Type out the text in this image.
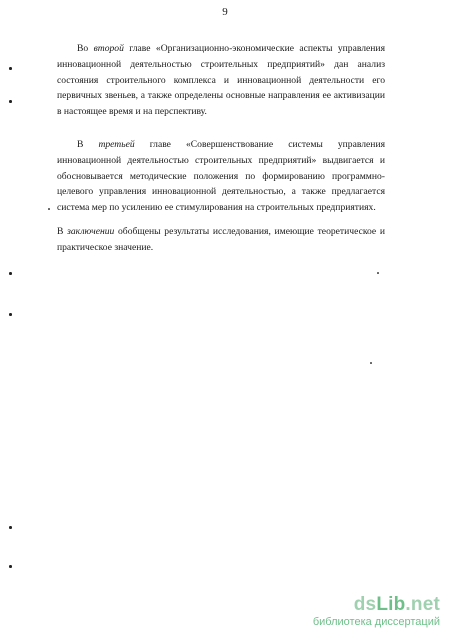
9

Во второй главе «Организационно-экономические аспекты управления инновационной деятельностью строительных предприятий» дан анализ состояния строительного комплекса и инновационной деятельности его первичных звеньев, а также определены основные направления ее активизации в настоящее время и на перспективу.

В третьей главе «Совершенствование системы управления инновационной деятельностью строительных предприятий» выдвигается и обосновывается методические положения по формированию программно-целевого управления инновационной деятельностью, а также предлагается система мер по усилению ее стимулирования на строительных предприятиях.

В заключении обобщены результаты исследования, имеющие теоретическое и практическое значение.

ds Lib .net
библиотека диссертаций
